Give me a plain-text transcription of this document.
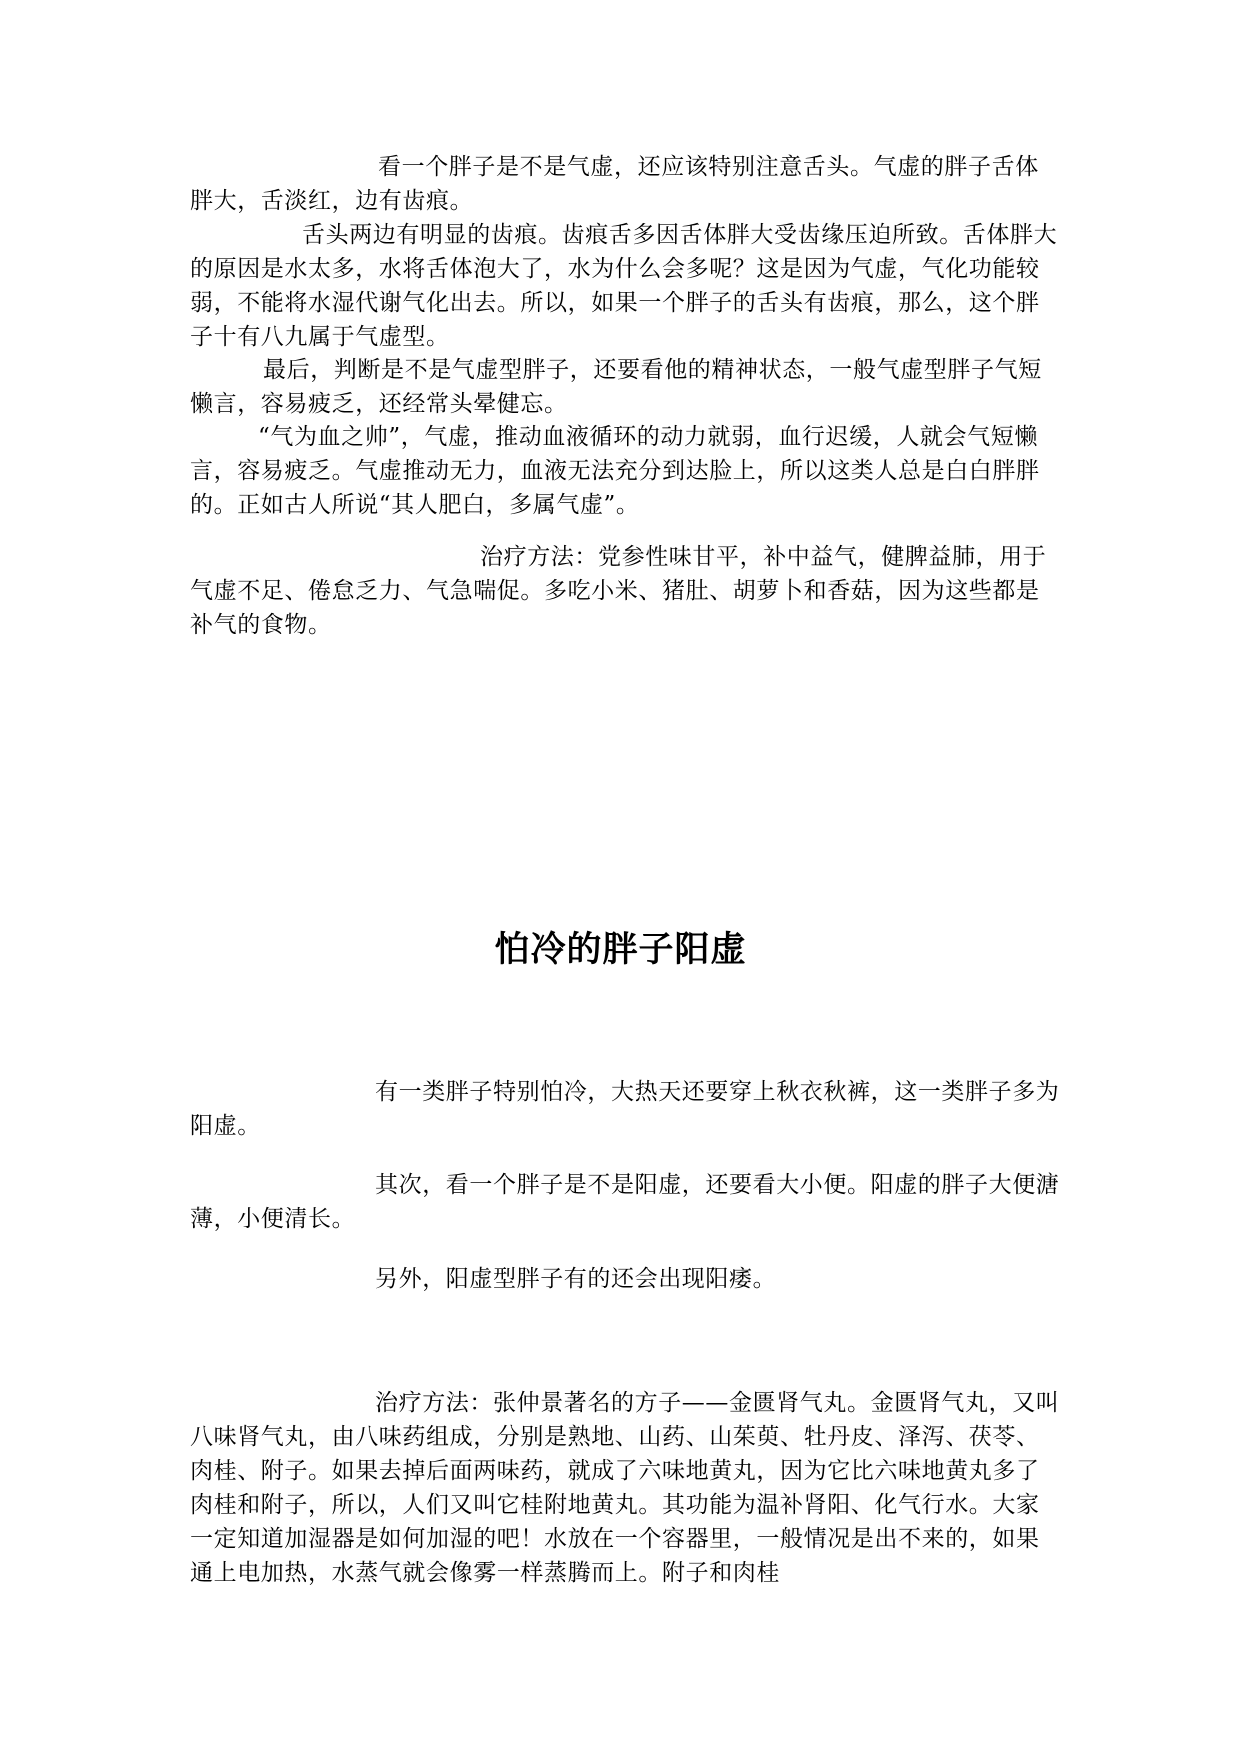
看一个胖子是不是气虚，还应该特别注意舌头。气虚的胖子舌体胖大，舌淡红，边有齿痕。

舌头两边有明显的齿痕。齿痕舌多因舌体胖大受齿缘压迫所致。舌体胖大的原因是水太多，水将舌体泡大了，水为什么会多呢？这是因为气虚，气化功能较弱，不能将水湿代谢气化出去。所以，如果一个胖子的舌头有齿痕，那么，这个胖子十有八九属于气虚型。

最后，判断是不是气虚型胖子，还要看他的精神状态，一般气虚型胖子气短懒言，容易疲乏，还经常头晕健忘。

“气为血之帅”，气虚，推动血液循环的动力就弱，血行迟缓，人就会气短懒言，容易疲乏。气虚推动无力，血液无法充分到达脸上，所以这类人总是白白胖胖的。正如古人所说“其人肥白，多属气虚”。

治疗方法：党参性味甘平，补中益气，健脾益肺，用于气虚不足、倦怠乏力、气急喘促。多吃小米、猪肚、胡萝卜和香菇，因为这些都是补气的食物。

怕冷的胖子阳虚

有一类胖子特别怕冷，大热天还要穿上秋衣秋裤，这一类胖子多为阳虚。

其次，看一个胖子是不是阳虚，还要看大小便。阳虚的胖子大便溏薄，小便清长。

另外，阳虚型胖子有的还会出现阳痿。

治疗方法：张仲景著名的方子——金匮肾气丸。金匮肾气丸，又叫八味肾气丸，由八味药组成，分别是熟地、山药、山茱萸、牡丹皮、泽泻、茯苓、肉桂、附子。如果去掉后面两味药，就成了六味地黄丸，因为它比六味地黄丸多了肉桂和附子，所以，人们又叫它桂附地黄丸。其功能为温补肾阳、化气行水。大家一定知道加湿器是如何加湿的吧！水放在一个容器里，一般情况是出不来的，如果通上电加热，水蒸气就会像雾一样蒸腾而上。附子和肉桂
